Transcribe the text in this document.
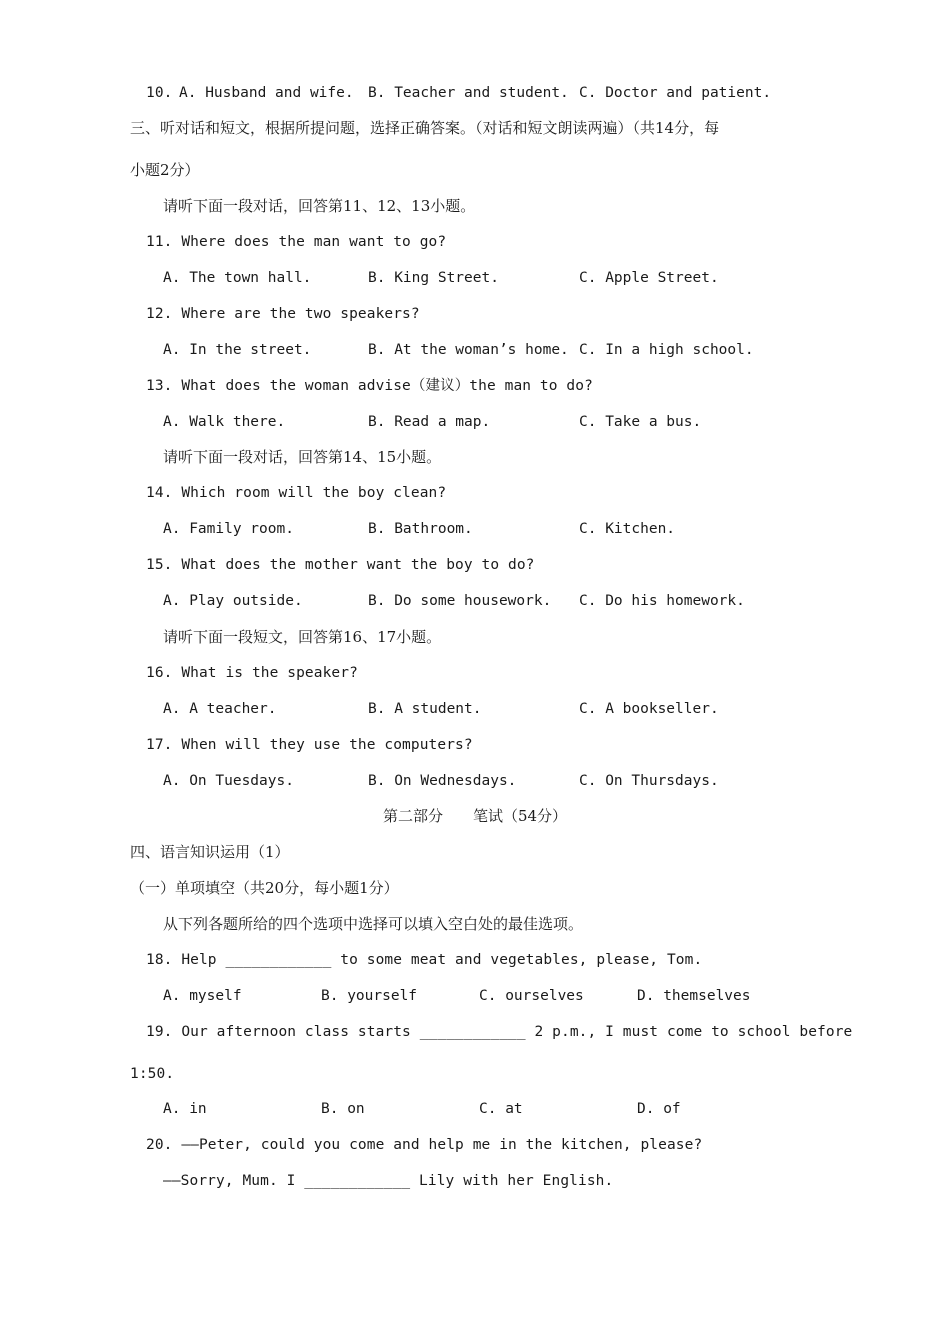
10. A. Husband and wife. B. Teacher and student. C. Doctor and patient.
三、听对话和短文，根据所提问题，选择正确答案。（对话和短文朗读两遍）（共14分，每
小题2分）
请听下面一段对话，回答第11、12、13小题。
11. Where does the man want to go?
A. The town hall.	B. King Street.	C. Apple Street.
12. Where are the two speakers?
A. In the street.	B. At the woman’s home. C. In a high school.
13. What does the woman advise（建议）the man to do?
A. Walk there.	B. Read a map.	C. Take a bus.
请听下面一段对话，回答第14、15小题。
14. Which room will the boy clean?
A. Family room.	B. Bathroom.	C. Kitchen.
15. What does the mother want the boy to do?
A. Play outside.	B. Do some housework. C. Do his homework.
请听下面一段短文，回答第16、17小题。
16. What is the speaker?
A. A teacher.	B. A student.	C. A bookseller.
17. When will they use the computers?
A. On Tuesdays.	B. On Wednesdays.	C. On Thursdays.
第二部分　　笔试（54分）
四、语言知识运用（1）
（一）单项填空（共20分，每小题1分）
从下列各题所给的四个选项中选择可以填入空白处的最佳选项。
18. Help ____________ to some meat and vegetables, please, Tom.
A. myself	B. yourself	C. ourselves	D. themselves
19. Our afternoon class starts ____________ 2 p.m., I must come to school before
1:50.
A. in	B. on	C. at	D. of
20. ——Peter, could you come and help me in the kitchen, please?
——Sorry, Mum. I ____________ Lily with her English.
